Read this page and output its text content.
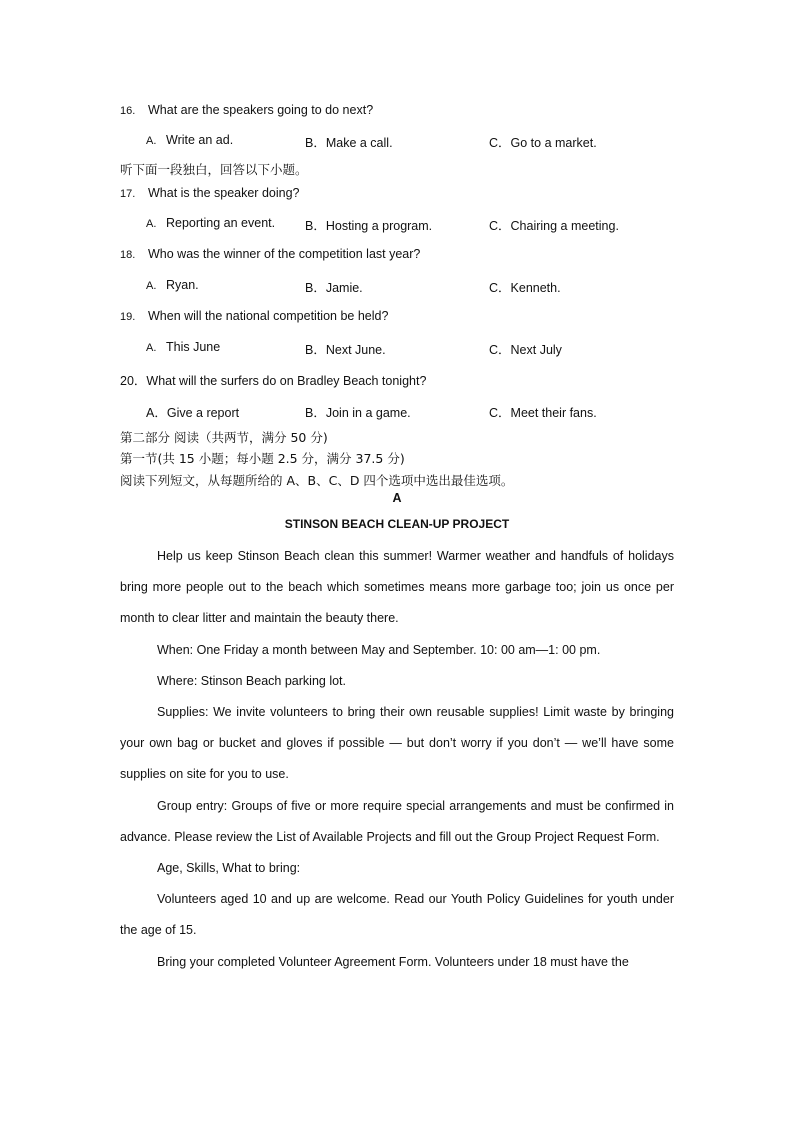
16. What are the speakers going to do next?
A. Write an ad.	B．Make a call.	C．Go to a market.
听下面一段独白，回答以下小题。
17. What is the speaker doing?
A. Reporting an event. B．Hosting a program.	C．Chairing a meeting.
18. Who was the winner of the competition last year?
A. Ryan.	B．Jamie.	C．Kenneth.
19. When will the national competition be held?
A. This June	B．Next June.	C．Next July
20．What will the surfers do on Bradley Beach tonight?
A．Give a report	B．Join in a game.	C．Meet their fans.
第二部分 阅读（共两节，满分 50 分)
第一节(共 15 小题；每小题 2.5 分，满分 37.5 分)
阅读下列短文，从每题所给的 A、B、C、D 四个选项中选出最佳选项。
A
STINSON BEACH CLEAN-UP PROJECT

Help us keep Stinson Beach clean this summer! Warmer weather and handfuls of holidays bring more people out to the beach which sometimes means more garbage too; join us once per month to clear litter and maintain the beauty there.

When: One Friday a month between May and September. 10: 00 am—1: 00 pm.

Where: Stinson Beach parking lot.

Supplies: We invite volunteers to bring their own reusable supplies! Limit waste by bringing your own bag or bucket and gloves if possible — but don’t worry if you don’t — we’ll have some supplies on site for you to use.

Group entry: Groups of five or more require special arrangements and must be confirmed in advance. Please review the List of Available Projects and fill out the Group Project Request Form.

Age, Skills, What to bring:

Volunteers aged 10 and up are welcome. Read our Youth Policy Guidelines for youth under the age of 15.

Bring your completed Volunteer Agreement Form. Volunteers under 18 must have the
